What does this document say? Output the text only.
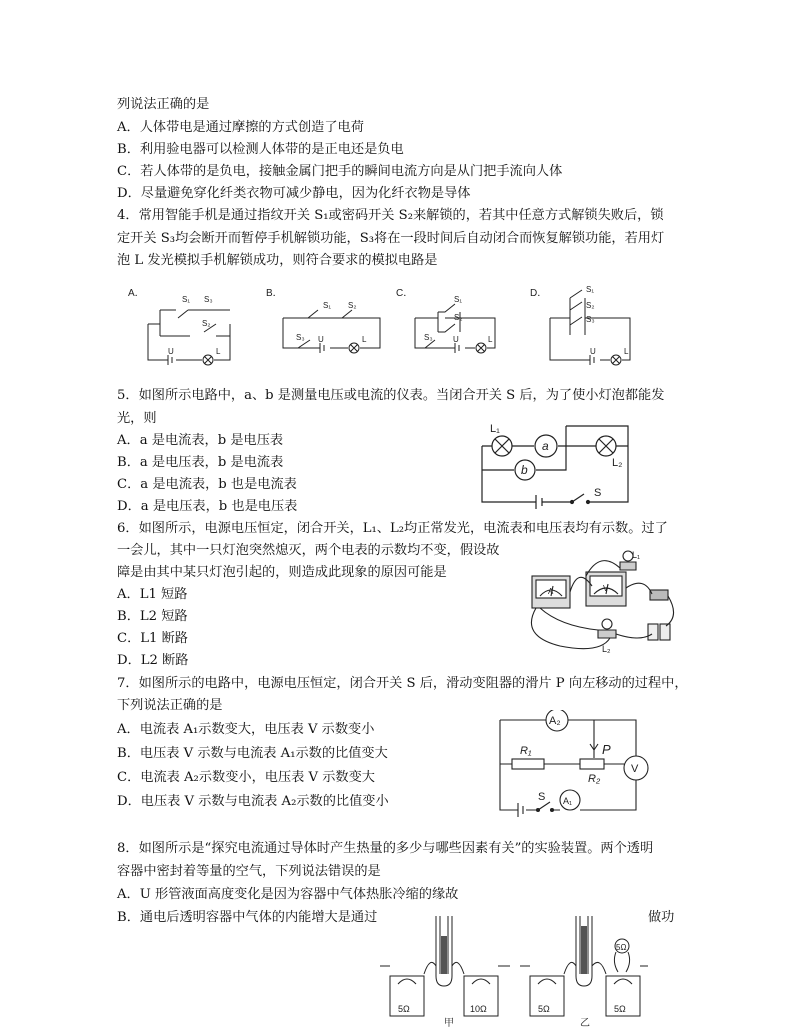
列说法正确的是
A．人体带电是通过摩擦的方式创造了电荷
B．利用验电器可以检测人体带的是正电还是负电
C．若人体带的是负电，接触金属门把手的瞬间电流方向是从门把手流向人体
D．尽量避免穿化纤类衣物可减少静电，因为化纤衣物是导体
4．常用智能手机是通过指纹开关 S₁或密码开关 S₂来解锁的，若其中任意方式解锁失败后，锁
定开关 S₃均会断开而暂停手机解锁功能，S₃将在一段时间后自动闭合而恢复解锁功能，若用灯
泡 L 发光模拟手机解锁成功，则符合要求的模拟电路是
A．	B．	C．	D．
S₁ S₃
S₂
U	L
S₁ S₂
S₃ U	L
S₁
S₂
S₃	U	L
S₁
S₂
S₃
U	L
5．如图所示电路中，a、b 是测量电压或电流的仪表。当闭合开关 S 后，为了使小灯泡都能发
光，则
A．a 是电流表，b 是电压表
B．a 是电压表，b 是电流表
C．a 是电流表，b 也是电流表
D．a 是电压表，b 也是电压表
L₁
a
L₂
b
S
6．如图所示，电源电压恒定，闭合开关，L₁、L₂均正常发光，电流表和电压表均有示数。过了
一会儿，其中一只灯泡突然熄灭，两个电表的示数均不变，假设故
障是由其中某只灯泡引起的，则造成此现象的原因可能是
A．L1 短路
B．L2 短路
C．L1 断路
D．L2 断路
L₁
L₂
A	V
7．如图所示的电路中，电源电压恒定，闭合开关 S 后，滑动变阻器的滑片 P 向左移动的过程中，
下列说法正确的是
A．电流表 A₁示数变大，电压表 V 示数变小
B．电压表 V 示数与电流表 A₁示数的比值变大
C．电流表 A₂示数变小，电压表 V 示数变大
D．电压表 V 示数与电流表 A₂示数的比值变小
A₂
R₁	P
R₂
V
S A₁
8．如图所示是“探究电流通过导体时产生热量的多少与哪些因素有关”的实验装置。两个透明
容器中密封着等量的空气，下列说法错误的是
A．U 形管液面高度变化是因为容器中气体热胀冷缩的缘故
B．通电后透明容器中气体的内能增大是通过	做功
5Ω	10Ω	5Ω	5Ω
5Ω
甲	乙
